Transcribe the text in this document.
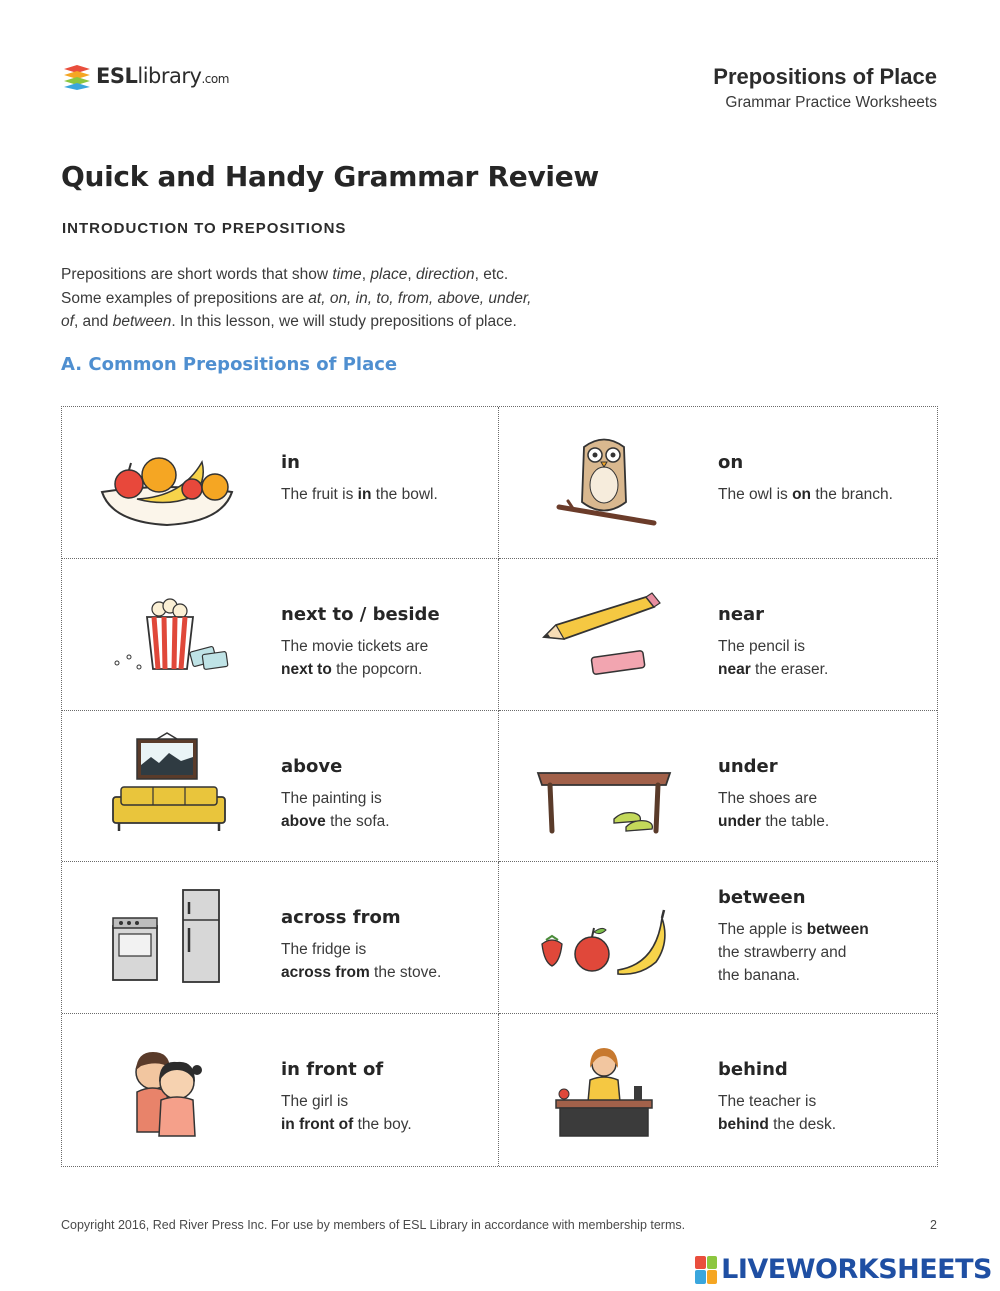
ESLlibrary.com	Prepositions of Place
Grammar Practice Worksheets
Quick and Handy Grammar Review
INTRODUCTION TO PREPOSITIONS

Prepositions are short words that show time, place, direction, etc.

Some examples of prepositions are at, on, in, to, from, above, under,

of, and between. In this lesson, we will study prepositions of place.

A. Common Prepositions of Place
in
The fruit is in the bowl.
on
The owl is on the branch.
next to / beside
The movie tickets are
next to the popcorn.
near
The pencil is
near the eraser.
above
The painting is
above the sofa.
under
The shoes are
under the table.
across from
The fridge is
across from the stove.
between
The apple is between
the strawberry and
the banana.
in front of
The girl is
in front of the boy.
behind
The teacher is
behind the desk.
Copyright 2016, Red River Press Inc. For use by members of ESL Library in accordance with membership terms.	2
LIVEWORKSHEETS
